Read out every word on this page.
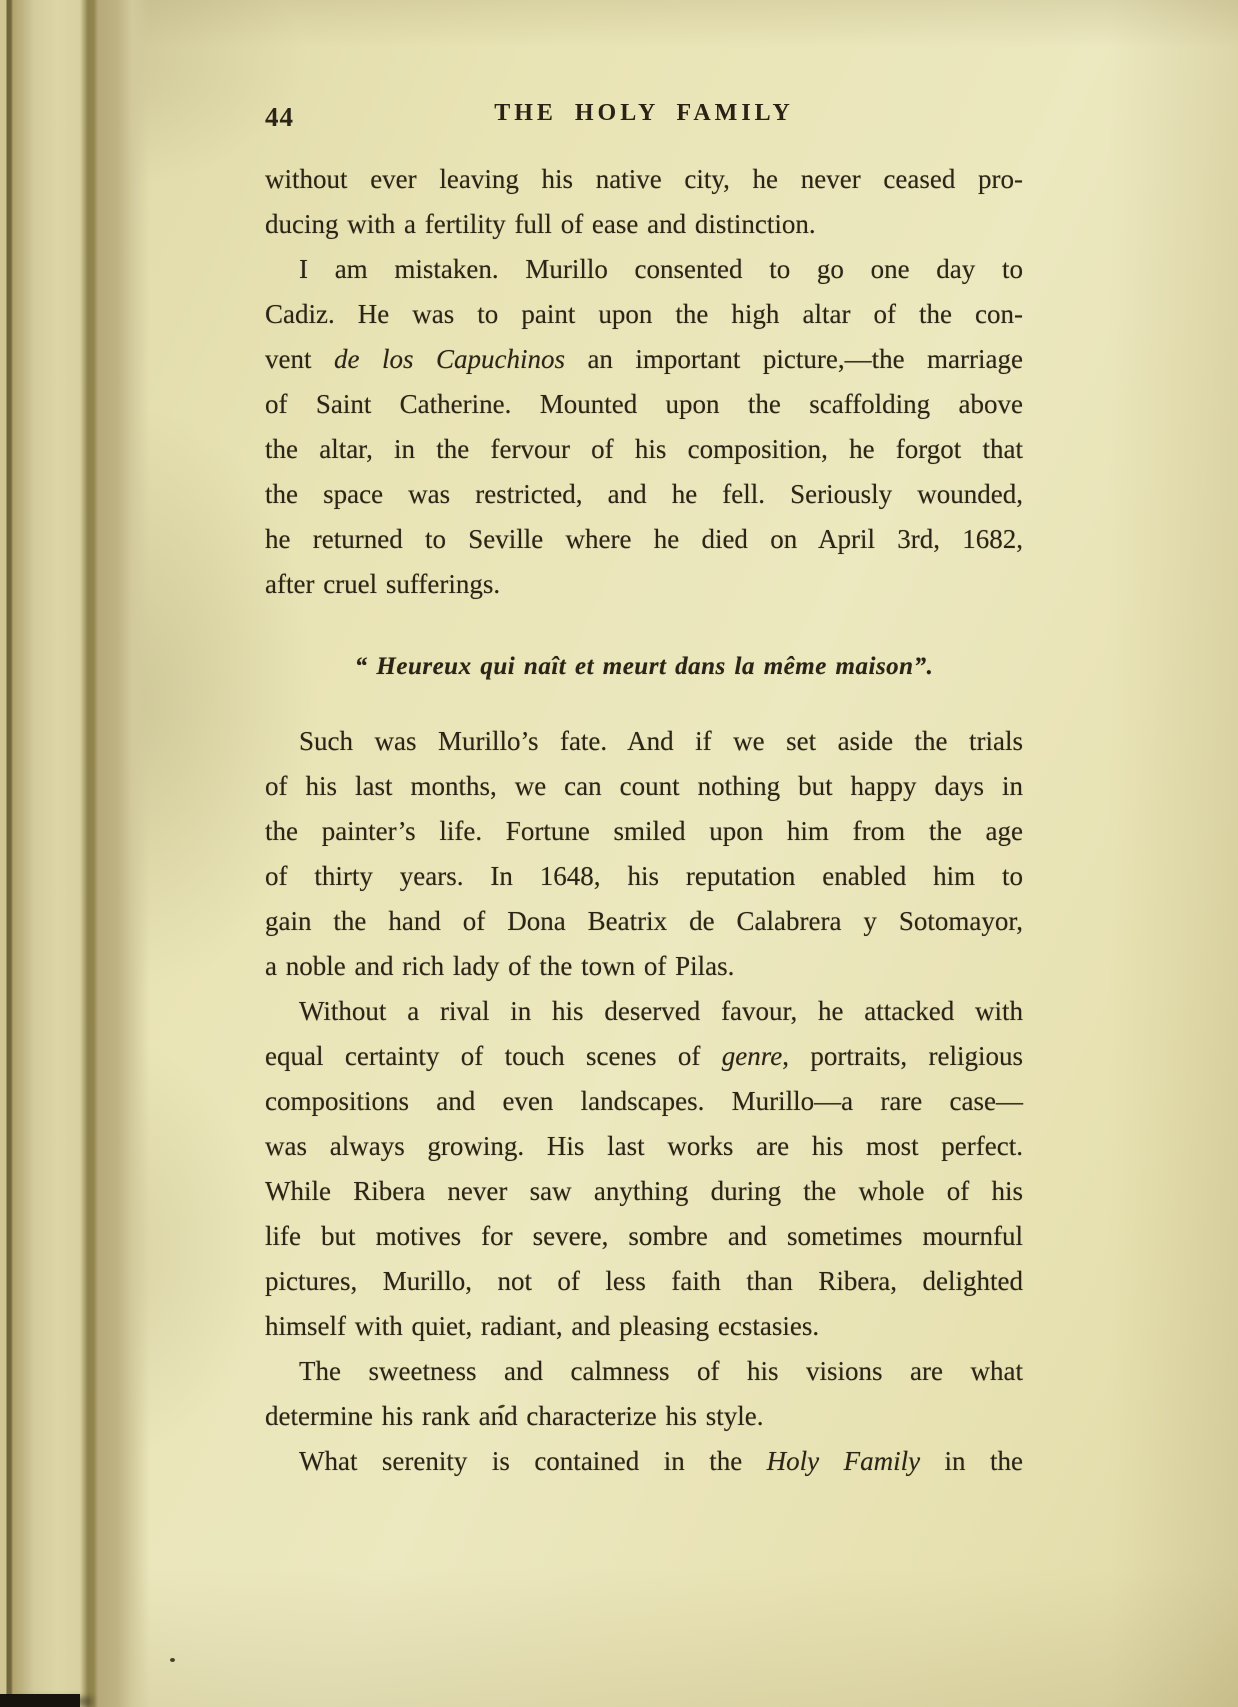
44	THE HOLY FAMILY
without ever leaving his native city, he never ceased pro-
ducing with a fertility full of ease and distinction.
I am mistaken. Murillo consented to go one day to
Cadiz. He was to paint upon the high altar of the con-
vent de los Capuchinos an important picture,—the marriage
of Saint Catherine. Mounted upon the scaffolding above
the altar, in the fervour of his composition, he forgot that
the space was restricted, and he fell. Seriously wounded,
he returned to Seville where he died on April 3rd, 1682,
after cruel sufferings.
“ Heureux qui naît et meurt dans la même maison”.
Such was Murillo’s fate. And if we set aside the trials
of his last months, we can count nothing but happy days in
the painter’s life. Fortune smiled upon him from the age
of thirty years. In 1648, his reputation enabled him to
gain the hand of Dona Beatrix de Calabrera y Sotomayor,
a noble and rich lady of the town of Pilas.
Without a rival in his deserved favour, he attacked with
equal certainty of touch scenes of genre, portraits, religious
compositions and even landscapes. Murillo—a rare case—
was always growing. His last works are his most perfect.
While Ribera never saw anything during the whole of his
life but motives for severe, sombre and sometimes mournful
pictures, Murillo, not of less faith than Ribera, delighted
himself with quiet, radiant, and pleasing ecstasies.
The sweetness and calmness of his visions are what
determine his rank and characterize his style.
What serenity is contained in the Holy Family in the
